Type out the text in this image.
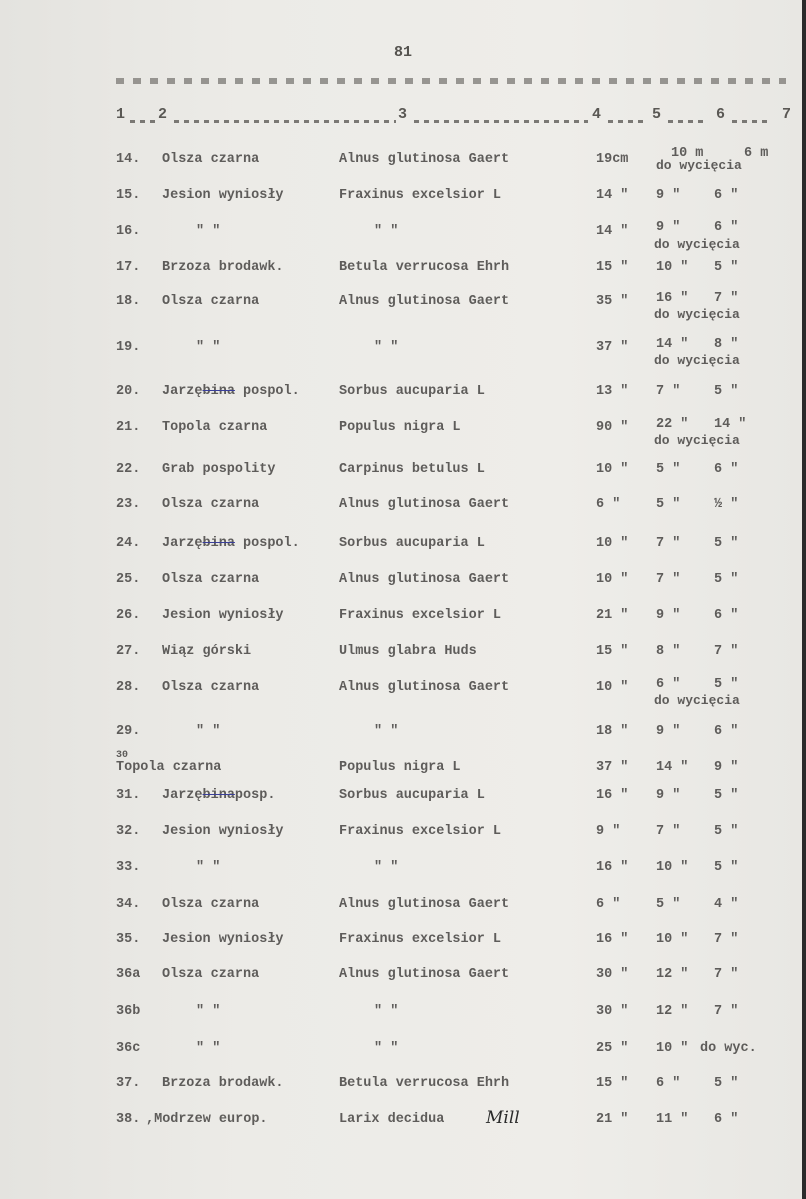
81
1 2	3	4	5	6	7
14. Olsza czarna	Alnus glutinosa Gaert	19cm	10 m	6 m
do wycięcia
15. Jesion wyniosły	Fraxinus excelsior L	14 " 9 " 6 "
16.	" "	" "	14 " 9 " 6 "
do wycięcia
17. Brzoza brodawk.	Betula verrucosa Ehrh	15 " 10 " 5 "
18. Olsza czarna	Alnus glutinosa Gaert	35 " 16 " 7 "
do wycięcia
19.	" "	" "	37 " 14 " 8 "
do wycięcia
20. Jarzębina pospol.	Sorbus aucuparia L	13 " 7 " 5 "
21. Topola czarna	Populus nigra L	90 " 22 " 14 "
do wycięcia
22. Grab pospolity	Carpinus betulus L	10 " 5 " 6 "
23. Olsza czarna	Alnus glutinosa Gaert	6 "	5 " ½ "
24. Jarzębina pospol.	Sorbus aucuparia L	10 " 7 " 5 "
25. Olsza czarna	Alnus glutinosa Gaert	10 " 7 " 5 "
26. Jesion wyniosły	Fraxinus excelsior L	21 " 9 " 6 "
27. Wiąz górski	Ulmus glabra Huds	15 " 8 " 7 "
28. Olsza czarna	Alnus glutinosa Gaert	10 " 6 " 5 "
do wycięcia
29.	" "	" "	18 " 9 " 6 "
30
Topola czarna	Populus nigra L	37 " 14 " 9 "
31. Jarzębinaposp.	Sorbus aucuparia L	16 " 9 " 5 "
32. Jesion wyniosły	Fraxinus excelsior L	9 "	7 " 5 "
33.	" "	" "	16 " 10 " 5 "
34. Olsza czarna	Alnus glutinosa Gaert	6 "	5 " 4 "
35. Jesion wyniosły	Fraxinus excelsior L	16 " 10 " 7 "
36a Olsza czarna	Alnus glutinosa Gaert	30 " 12 " 7 "
36b	" "	" "	30 " 12 " 7 "
36c	" "	" "	25 " 10 " do wyc.
37. Brzoza brodawk.	Betula verrucosa Ehrh	15 " 6 " 5 "
38. ,Modrzew europ.	Larix decidua Mill	21 " 11 " 6 "
